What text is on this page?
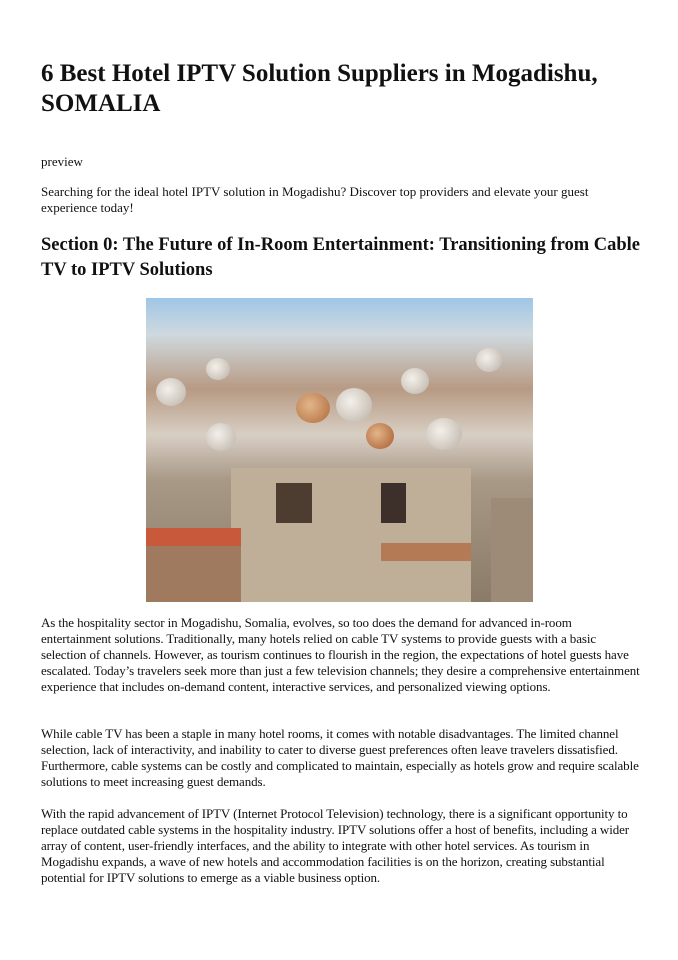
6 Best Hotel IPTV Solution Suppliers in Mogadishu, SOMALIA

preview

Searching for the ideal hotel IPTV solution in Mogadishu? Discover top providers and elevate your guest experience today!

Section 0: The Future of In-Room Entertainment: Transitioning from Cable TV to IPTV Solutions

As the hospitality sector in Mogadishu, Somalia, evolves, so too does the demand for advanced in-room entertainment solutions. Traditionally, many hotels relied on cable TV systems to provide guests with a basic selection of channels. However, as tourism continues to flourish in the region, the expectations of hotel guests have escalated. Today’s travelers seek more than just a few television channels; they desire a comprehensive entertainment experience that includes on-demand content, interactive services, and personalized viewing options.

While cable TV has been a staple in many hotel rooms, it comes with notable disadvantages. The limited channel selection, lack of interactivity, and inability to cater to diverse guest preferences often leave travelers dissatisfied. Furthermore, cable systems can be costly and complicated to maintain, especially as hotels grow and require scalable solutions to meet increasing guest demands.

With the rapid advancement of IPTV (Internet Protocol Television) technology, there is a significant opportunity to replace outdated cable systems in the hospitality industry. IPTV solutions offer a host of benefits, including a wider array of content, user-friendly interfaces, and the ability to integrate with other hotel services. As tourism in Mogadishu expands, a wave of new hotels and accommodation facilities is on the horizon, creating substantial potential for IPTV solutions to emerge as a viable business option.
